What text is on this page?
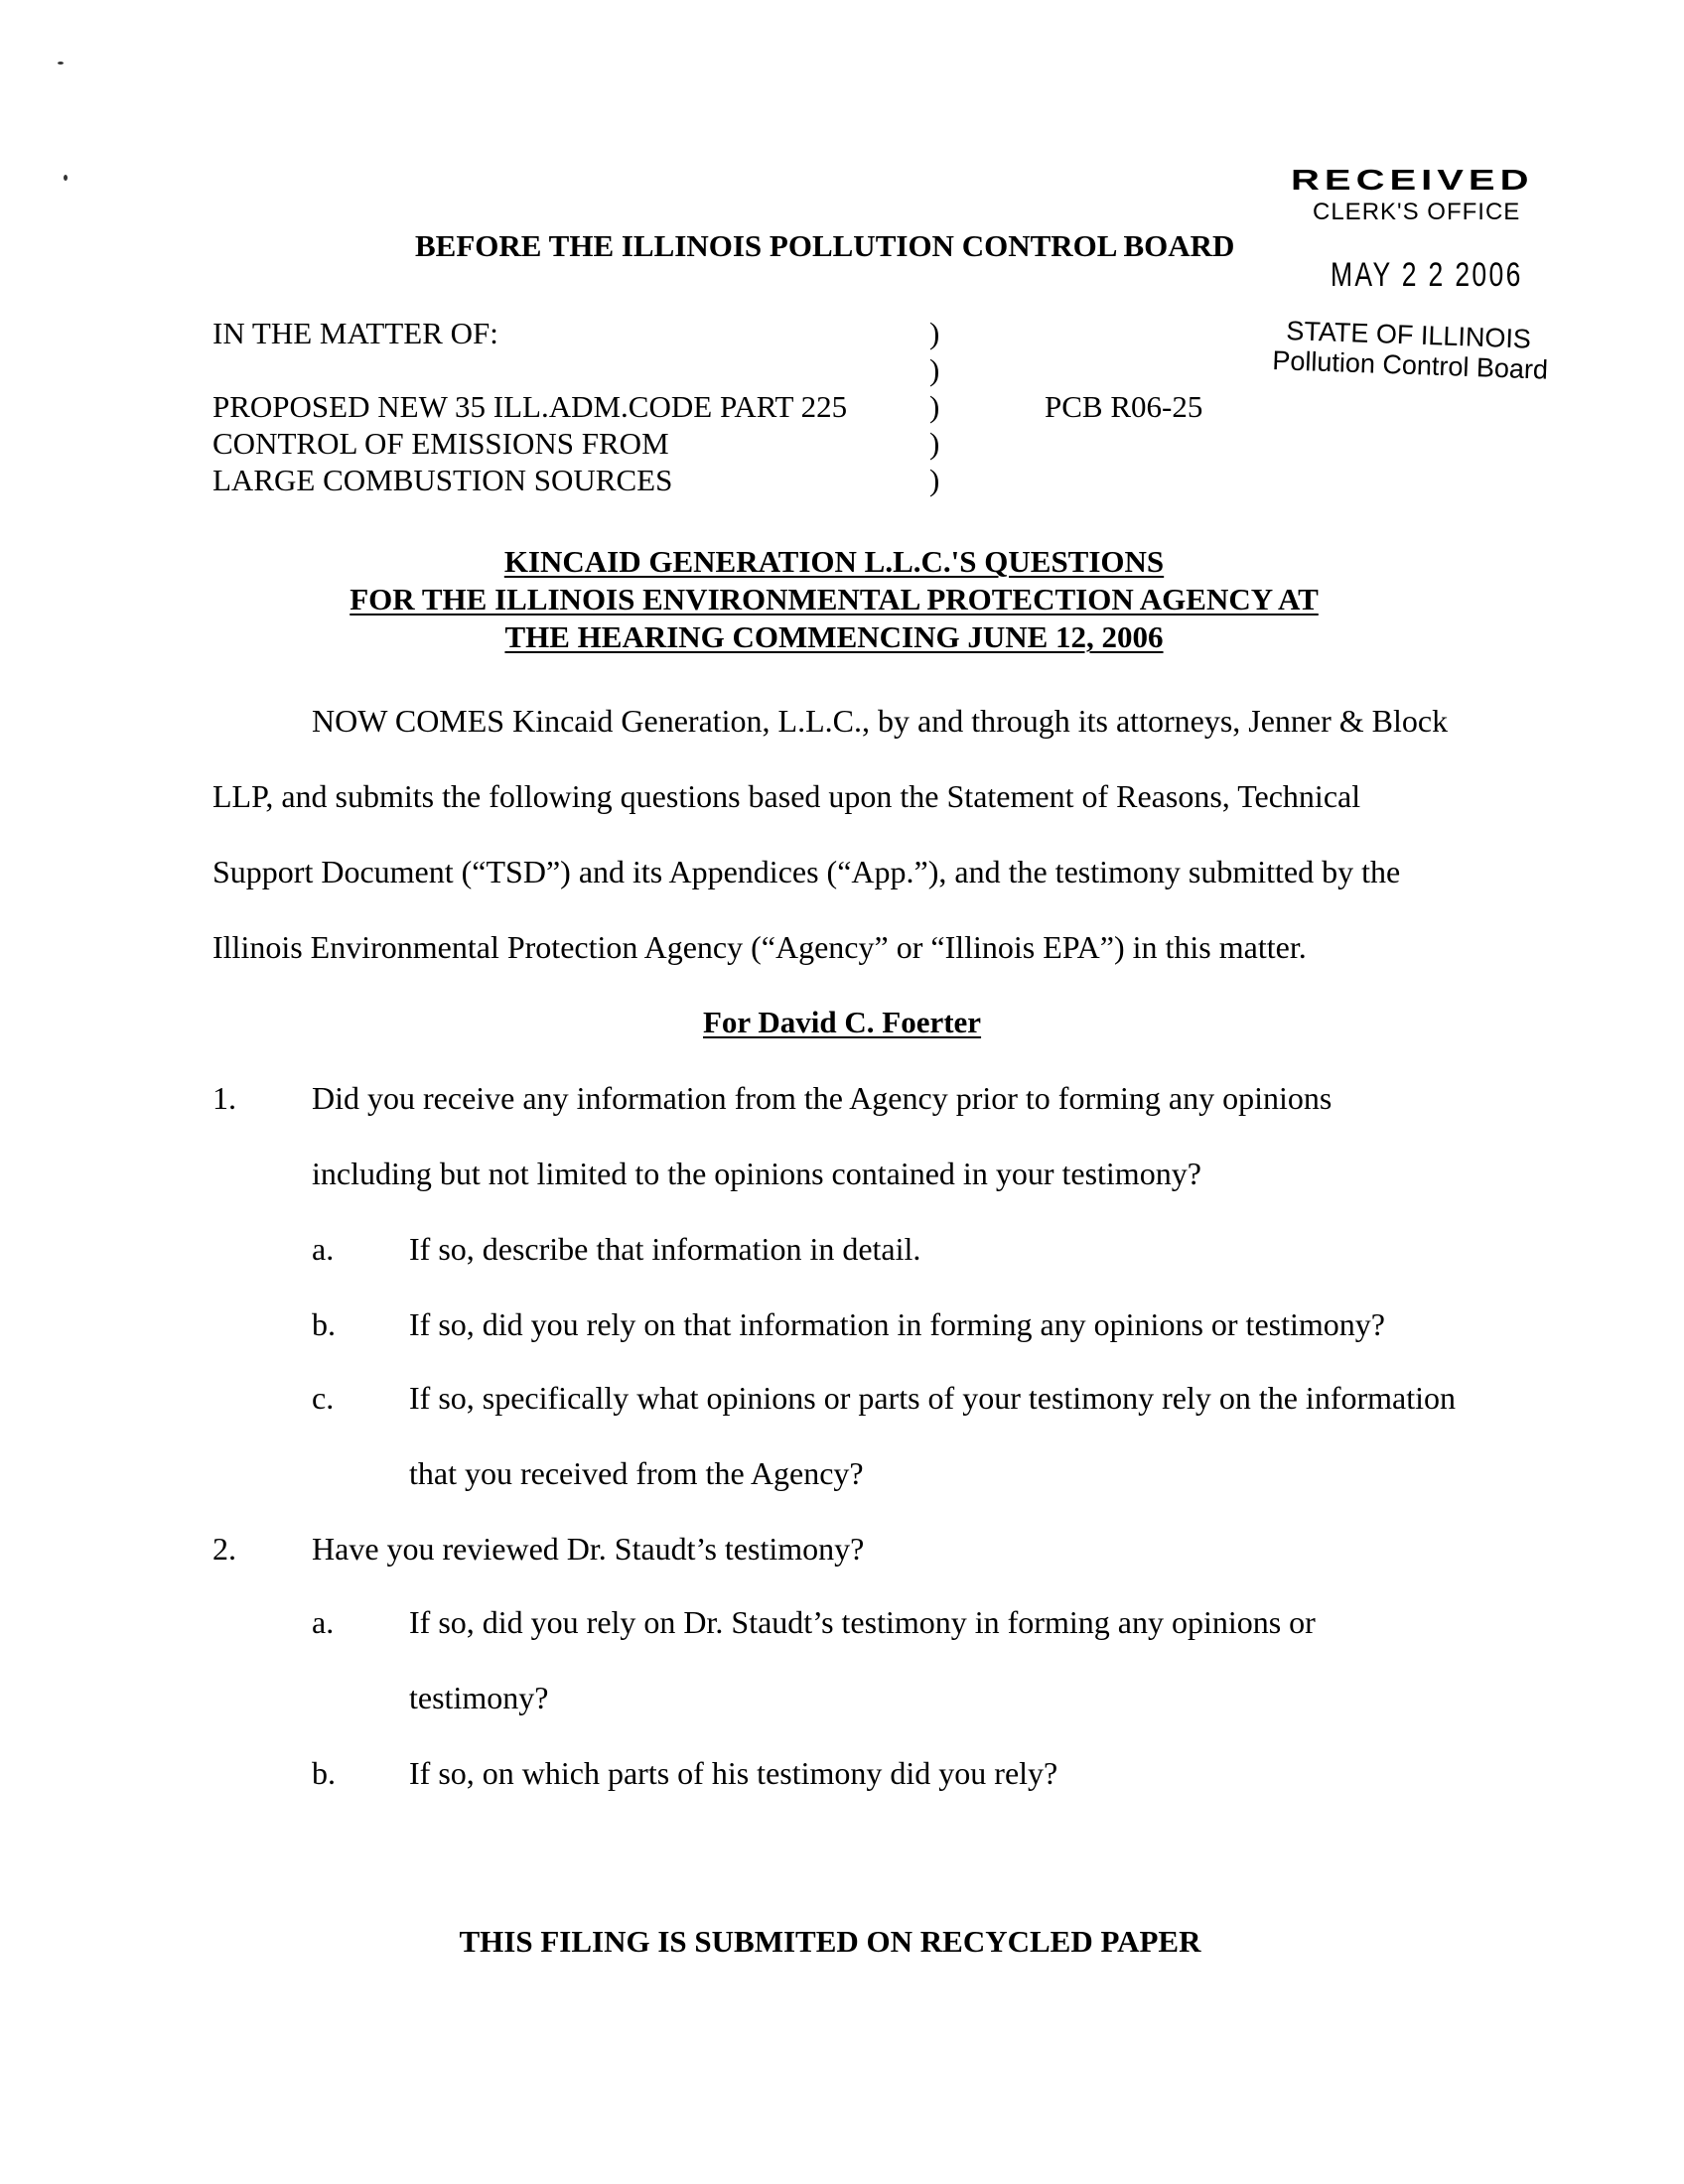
RECEIVED
CLERK'S OFFICE
MAY 2 2 2006
STATE OF ILLINOIS
Pollution Control Board
BEFORE THE ILLINOIS POLLUTION CONTROL BOARD
IN THE MATTER OF:
PROPOSED NEW 35 ILL.ADM.CODE PART 225
CONTROL OF EMISSIONS FROM
LARGE COMBUSTION SOURCES
)
)
)
)
)
PCB R06-25
KINCAID GENERATION L.L.C.'S QUESTIONS
FOR THE ILLINOIS ENVIRONMENTAL PROTECTION AGENCY AT
THE HEARING COMMENCING JUNE 12, 2006
NOW COMES Kincaid Generation, L.L.C., by and through its attorneys, Jenner & Block
LLP, and submits the following questions based upon the Statement of Reasons, Technical
Support Document (“TSD”) and its Appendices (“App.”), and the testimony submitted by the
Illinois Environmental Protection Agency (“Agency” or “Illinois EPA”) in this matter.
For David C. Foerter
1. Did you receive any information from the Agency prior to forming any opinions
including but not limited to the opinions contained in your testimony?
a. If so, describe that information in detail.
b. If so, did you rely on that information in forming any opinions or testimony?
c. If so, specifically what opinions or parts of your testimony rely on the information
that you received from the Agency?
2. Have you reviewed Dr. Staudt’s testimony?
a. If so, did you rely on Dr. Staudt’s testimony in forming any opinions or
testimony?
b. If so, on which parts of his testimony did you rely?
THIS FILING IS SUBMITED ON RECYCLED PAPER
